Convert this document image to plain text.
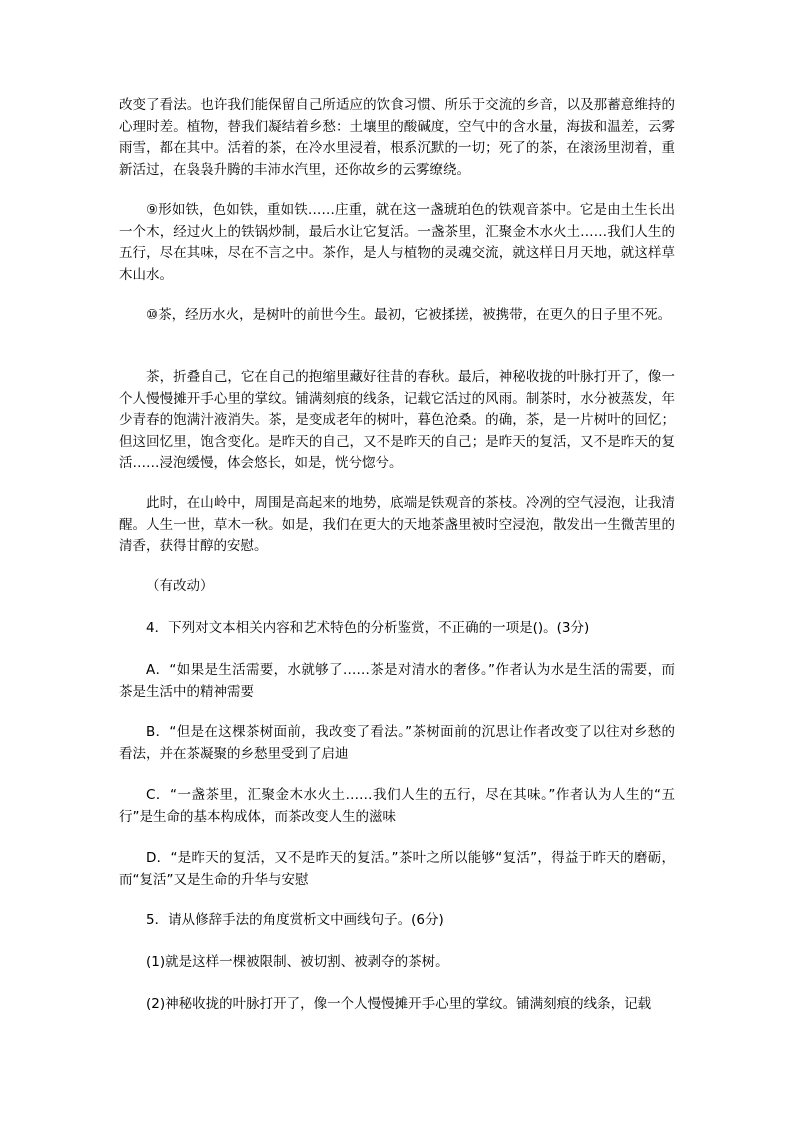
改变了看法。也许我们能保留自己所适应的饮食习惯、所乐于交流的乡音，以及那蓄意维持的心理时差。植物，替我们凝结着乡愁：土壤里的酸碱度，空气中的含水量，海拔和温差，云雾雨雪，都在其中。活着的茶，在冷水里浸着，根系沉默的一切；死了的茶，在滚汤里沏着，重新活过，在袅袅升腾的丰沛水汽里，还你故乡的云雾缭绕。

⑨形如铁，色如铁，重如铁……庄重，就在这一盏琥珀色的铁观音茶中。它是由土生长出一个木，经过火上的铁锅炒制，最后水让它复活。一盏茶里，汇聚金木水火土……我们人生的五行，尽在其味，尽在不言之中。茶作，是人与植物的灵魂交流，就这样日月天地，就这样草木山水。

⑩茶，经历水火，是树叶的前世今生。最初，它被揉搓，被携带，在更久的日子里不死。

茶，折叠自己，它在自己的抱缩里藏好往昔的春秋。最后，神秘收拢的叶脉打开了，像一个人慢慢摊开手心里的掌纹。铺满刻痕的线条，记载它活过的风雨。制茶时，水分被蒸发，年少青春的饱满汁液消失。茶，是变成老年的树叶，暮色沧桑。的确，茶，是一片树叶的回忆；但这回忆里，饱含变化。是昨天的自己，又不是昨天的自己；是昨天的复活，又不是昨天的复活……浸泡缓慢，体会悠长，如是，恍兮惚兮。

此时，在山岭中，周围是高起来的地势，底端是铁观音的茶枝。冷冽的空气浸泡，让我清醒。人生一世，草木一秋。如是，我们在更大的天地茶盏里被时空浸泡，散发出一生微苦里的清香，获得甘醇的安慰。

（有改动）

4．下列对文本相关内容和艺术特色的分析鉴赏，不正确的一项是()。(3分)

A．“如果是生活需要，水就够了……茶是对清水的奢侈。”作者认为水是生活的需要，而茶是生活中的精神需要

B．“但是在这棵茶树面前，我改变了看法。”茶树面前的沉思让作者改变了以往对乡愁的看法，并在茶凝聚的乡愁里受到了启迪

C．“一盏茶里，汇聚金木水火土……我们人生的五行，尽在其味。”作者认为人生的“五行”是生命的基本构成体，而茶改变人生的滋味

D．“是昨天的复活，又不是昨天的复活。”茶叶之所以能够“复活”，得益于昨天的磨砺，而“复活”又是生命的升华与安慰

5．请从修辞手法的角度赏析文中画线句子。(6分)

(1)就是这样一棵被限制、被切割、被剥夺的茶树。

(2)神秘收拢的叶脉打开了，像一个人慢慢摊开手心里的掌纹。铺满刻痕的线条，记载
